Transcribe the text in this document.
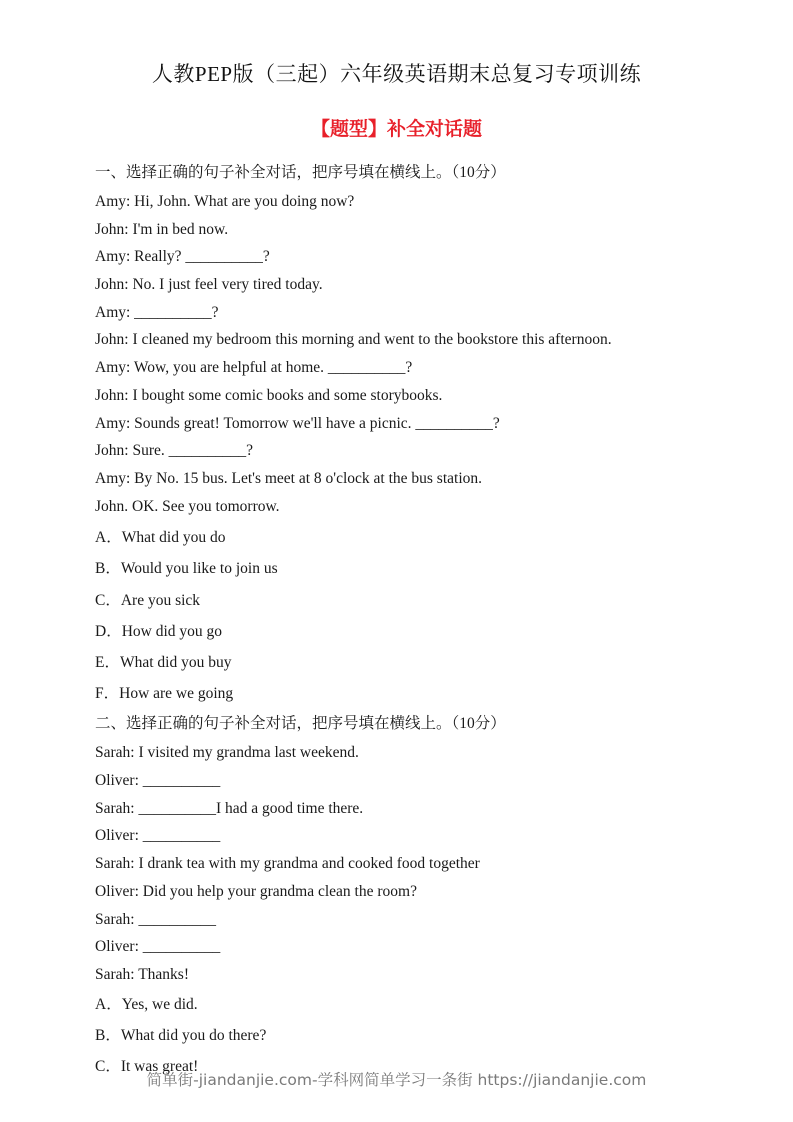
人教PEP版（三起）六年级英语期末总复习专项训练
【题型】补全对话题
一、选择正确的句子补全对话，把序号填在横线上。（10分）
Amy: Hi, John. What are you doing now?
John: I'm in bed now.
Amy: Really? __________?
John: No. I just feel very tired today.
Amy: __________?
John: I cleaned my bedroom this morning and went to the bookstore this afternoon.
Amy: Wow, you are helpful at home. __________?
John: I bought some comic books and some storybooks.
Amy: Sounds great! Tomorrow we'll have a picnic. __________?
John: Sure. __________?
Amy: By No. 15 bus. Let's meet at 8 o'clock at the bus station.
John. OK. See you tomorrow.
A．What did you do
B．Would you like to join us
C．Are you sick
D．How did you go
E．What did you buy
F．How are we going
二、选择正确的句子补全对话，把序号填在横线上。（10分）
Sarah: I visited my grandma last weekend.
Oliver: __________
Sarah: __________I had a good time there.
Oliver: __________
Sarah: I drank tea with my grandma and cooked food together
Oliver: Did you help your grandma clean the room?
Sarah: __________
Oliver: __________
Sarah: Thanks!
A．Yes, we did.
B．What did you do there?
C．It was great!
简单街-jiandanjie.com-学科网简单学习一条街 https://jiandanjie.com
